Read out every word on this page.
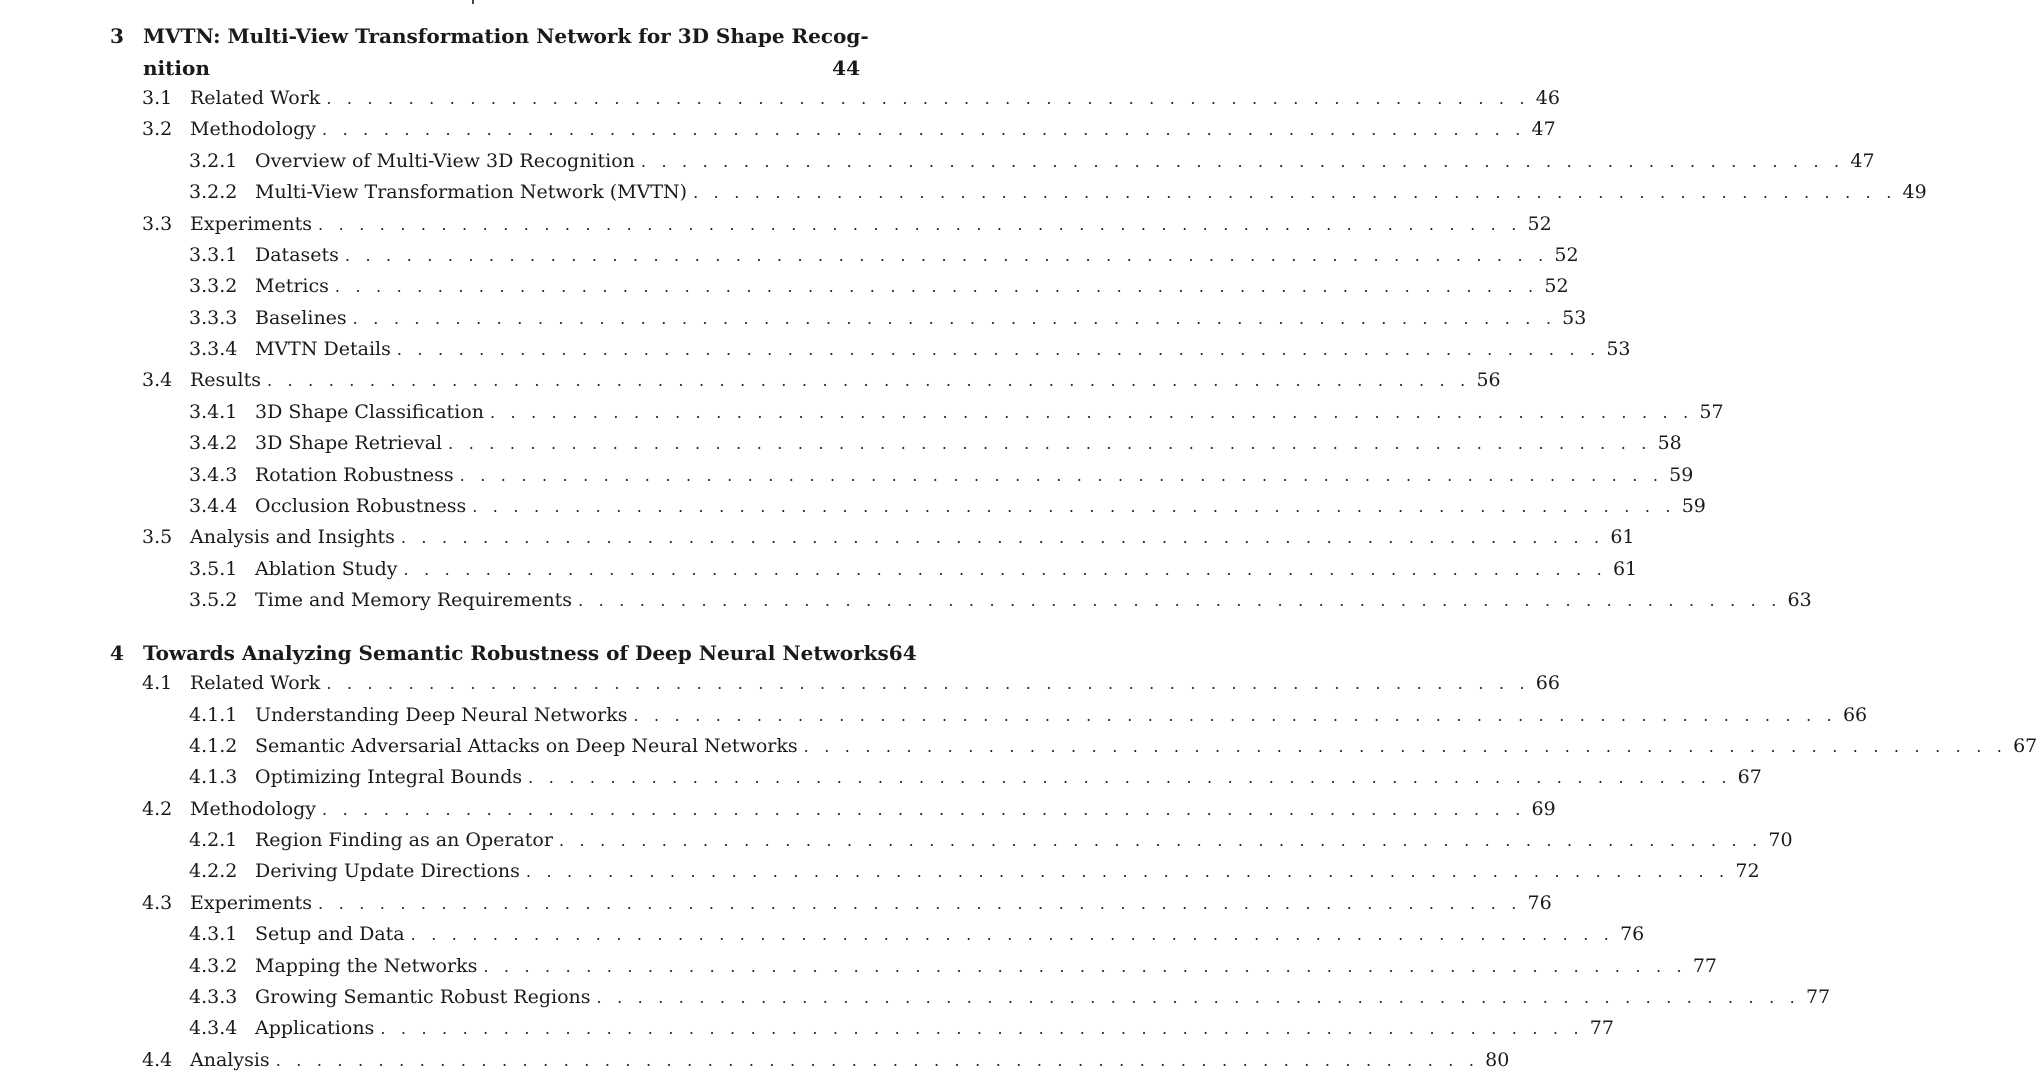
3 MVTN: Multi-View Transformation Network for 3D Shape Recog-
nition	44
3.1 Related Work . . . . . . . . . . . . . . . . . . . . . . . . . . . . . . . . . . . . . . . . . . . . . . . . . . . . . . . . . . . 46
3.2 Methodology . . . . . . . . . . . . . . . . . . . . . . . . . . . . . . . . . . . . . . . . . . . . . . . . . . . . . . . . . . . 47
3.2.1 Overview of Multi-View 3D Recognition . . . . . . . . . . . . . . . . . . . . . . . . . . . . . . . . . . . . . . . . . . . . . . . . . . . . . . . . . . . 47
3.2.2 Multi-View Transformation Network (MVTN) . . . . . . . . . . . . . . . . . . . . . . . . . . . . . . . . . . . . . . . . . . . . . . . . . . . . . . . . . . . 49
3.3 Experiments . . . . . . . . . . . . . . . . . . . . . . . . . . . . . . . . . . . . . . . . . . . . . . . . . . . . . . . . . . . 52
3.3.1 Datasets . . . . . . . . . . . . . . . . . . . . . . . . . . . . . . . . . . . . . . . . . . . . . . . . . . . . . . . . . . . 52
3.3.2 Metrics . . . . . . . . . . . . . . . . . . . . . . . . . . . . . . . . . . . . . . . . . . . . . . . . . . . . . . . . . . . 52
3.3.3 Baselines . . . . . . . . . . . . . . . . . . . . . . . . . . . . . . . . . . . . . . . . . . . . . . . . . . . . . . . . . . . 53
3.3.4 MVTN Details . . . . . . . . . . . . . . . . . . . . . . . . . . . . . . . . . . . . . . . . . . . . . . . . . . . . . . . . . . . 53
3.4 Results . . . . . . . . . . . . . . . . . . . . . . . . . . . . . . . . . . . . . . . . . . . . . . . . . . . . . . . . . . . 56
3.4.1 3D Shape Classification . . . . . . . . . . . . . . . . . . . . . . . . . . . . . . . . . . . . . . . . . . . . . . . . . . . . . . . . . . . 57
3.4.2 3D Shape Retrieval . . . . . . . . . . . . . . . . . . . . . . . . . . . . . . . . . . . . . . . . . . . . . . . . . . . . . . . . . . . 58
3.4.3 Rotation Robustness . . . . . . . . . . . . . . . . . . . . . . . . . . . . . . . . . . . . . . . . . . . . . . . . . . . . . . . . . . . 59
3.4.4 Occlusion Robustness . . . . . . . . . . . . . . . . . . . . . . . . . . . . . . . . . . . . . . . . . . . . . . . . . . . . . . . . . . . 59
3.5 Analysis and Insights . . . . . . . . . . . . . . . . . . . . . . . . . . . . . . . . . . . . . . . . . . . . . . . . . . . . . . . . . . . 61
3.5.1 Ablation Study . . . . . . . . . . . . . . . . . . . . . . . . . . . . . . . . . . . . . . . . . . . . . . . . . . . . . . . . . . . 61
3.5.2 Time and Memory Requirements . . . . . . . . . . . . . . . . . . . . . . . . . . . . . . . . . . . . . . . . . . . . . . . . . . . . . . . . . . . 63
4 Towards Analyzing Semantic Robustness of Deep Neural Networks 64
4.1 Related Work . . . . . . . . . . . . . . . . . . . . . . . . . . . . . . . . . . . . . . . . . . . . . . . . . . . . . . . . . . . 66
4.1.1 Understanding Deep Neural Networks . . . . . . . . . . . . . . . . . . . . . . . . . . . . . . . . . . . . . . . . . . . . . . . . . . . . . . . . . . . 66
4.1.2 Semantic Adversarial Attacks on Deep Neural Networks . . . . . . . . . . . . . . . . . . . . . . . . . . . . . . . . . . . . . . . . . . . . . . . . . . . . . . . . . . . 67
4.1.3 Optimizing Integral Bounds . . . . . . . . . . . . . . . . . . . . . . . . . . . . . . . . . . . . . . . . . . . . . . . . . . . . . . . . . . . 67
4.2 Methodology . . . . . . . . . . . . . . . . . . . . . . . . . . . . . . . . . . . . . . . . . . . . . . . . . . . . . . . . . . . 69
4.2.1 Region Finding as an Operator . . . . . . . . . . . . . . . . . . . . . . . . . . . . . . . . . . . . . . . . . . . . . . . . . . . . . . . . . . . 70
4.2.2 Deriving Update Directions . . . . . . . . . . . . . . . . . . . . . . . . . . . . . . . . . . . . . . . . . . . . . . . . . . . . . . . . . . . 72
4.3 Experiments . . . . . . . . . . . . . . . . . . . . . . . . . . . . . . . . . . . . . . . . . . . . . . . . . . . . . . . . . . . 76
4.3.1 Setup and Data . . . . . . . . . . . . . . . . . . . . . . . . . . . . . . . . . . . . . . . . . . . . . . . . . . . . . . . . . . . 76
4.3.2 Mapping the Networks . . . . . . . . . . . . . . . . . . . . . . . . . . . . . . . . . . . . . . . . . . . . . . . . . . . . . . . . . . . 77
4.3.3 Growing Semantic Robust Regions . . . . . . . . . . . . . . . . . . . . . . . . . . . . . . . . . . . . . . . . . . . . . . . . . . . . . . . . . . . 77
4.3.4 Applications . . . . . . . . . . . . . . . . . . . . . . . . . . . . . . . . . . . . . . . . . . . . . . . . . . . . . . . . . . . 77
4.4 Analysis . . . . . . . . . . . . . . . . . . . . . . . . . . . . . . . . . . . . . . . . . . . . . . . . . . . . . . . . . . . 80
